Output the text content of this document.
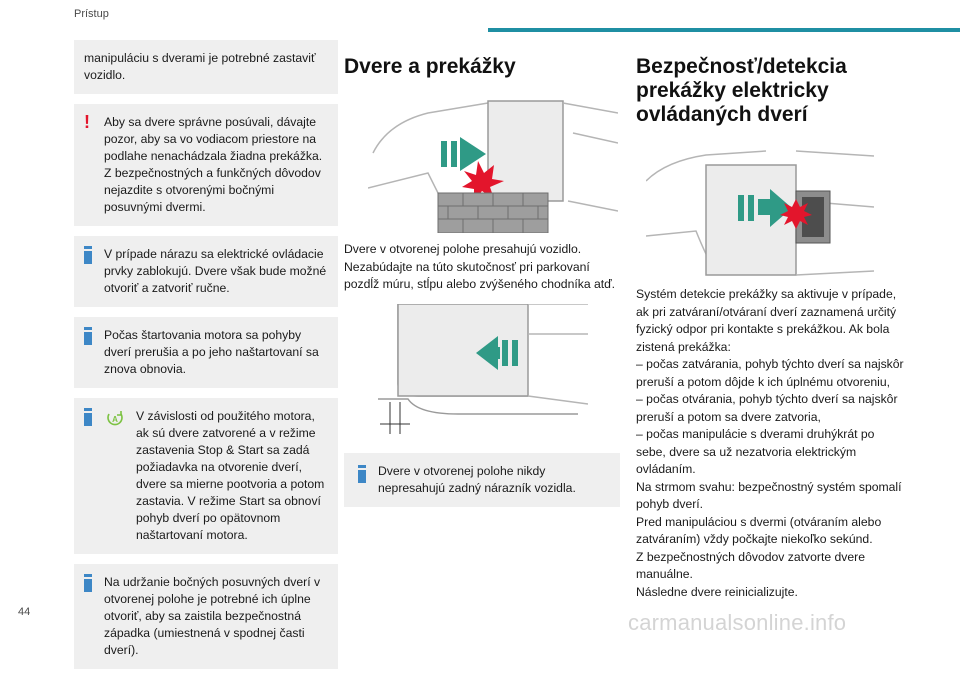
Prístup

manipuláciu s dverami je potrebné zastaviť vozidlo.

!	Aby sa dvere správne posúvali, dávajte pozor, aby sa vo vodiacom priestore na podlahe nenachádzala žiadna prekážka.
Z bezpečnostných a funkčných dôvodov nejazdite s otvorenými bočnými posuvnými dvermi.

V prípade nárazu sa elektrické ovládacie prvky zablokujú. Dvere však bude možné otvoriť a zatvoriť ručne.

Počas štartovania motora sa pohyby dverí prerušia a po jeho naštartovaní sa znova obnovia.

A	V závislosti od použitého motora, ak sú dvere zatvorené a v režime zastavenia Stop & Start sa zadá požiadavka na otvorenie dverí, dvere sa mierne pootvoria a potom zastavia. V režime Start sa obnoví pohyb dverí po opätovnom naštartovaní motora.

Na udržanie bočných posuvných dverí v otvorenej polohe je potrebné ich úplne otvoriť, aby sa zaistila bezpečnostná západka (umiestnená v spodnej časti dverí).

Dvere a prekážky

Dvere v otvorenej polohe presahujú vozidlo. Nezabúdajte na túto skutočnosť pri parkovaní pozdĺž múru, stĺpu alebo zvýšeného chodníka atď.

Dvere v otvorenej polohe nikdy nepresahujú zadný nárazník vozidla.

Bezpečnosť/detekcia prekážky elektricky ovládaných dverí

Systém detekcie prekážky sa aktivuje v prípade, ak pri zatváraní/otváraní dverí zaznamená určitý fyzický odpor pri kontakte s prekážkou. Ak bola zistená prekážka:
– počas zatvárania, pohyb týchto dverí sa najskôr preruší a potom dôjde k ich úplnému otvoreniu,
– počas otvárania, pohyb týchto dverí sa najskôr preruší a potom sa dvere zatvoria,
– počas manipulácie s dverami druhýkrát po sebe, dvere sa už nezatvoria elektrickým ovládaním.
Na strmom svahu: bezpečnostný systém spomalí pohyb dverí.
Pred manipuláciou s dvermi (otváraním alebo zatváraním) vždy počkajte niekoľko sekúnd.
Z bezpečnostných dôvodov zatvorte dvere manuálne.
Následne dvere reinicializujte.

44	carmanualsonline.info
